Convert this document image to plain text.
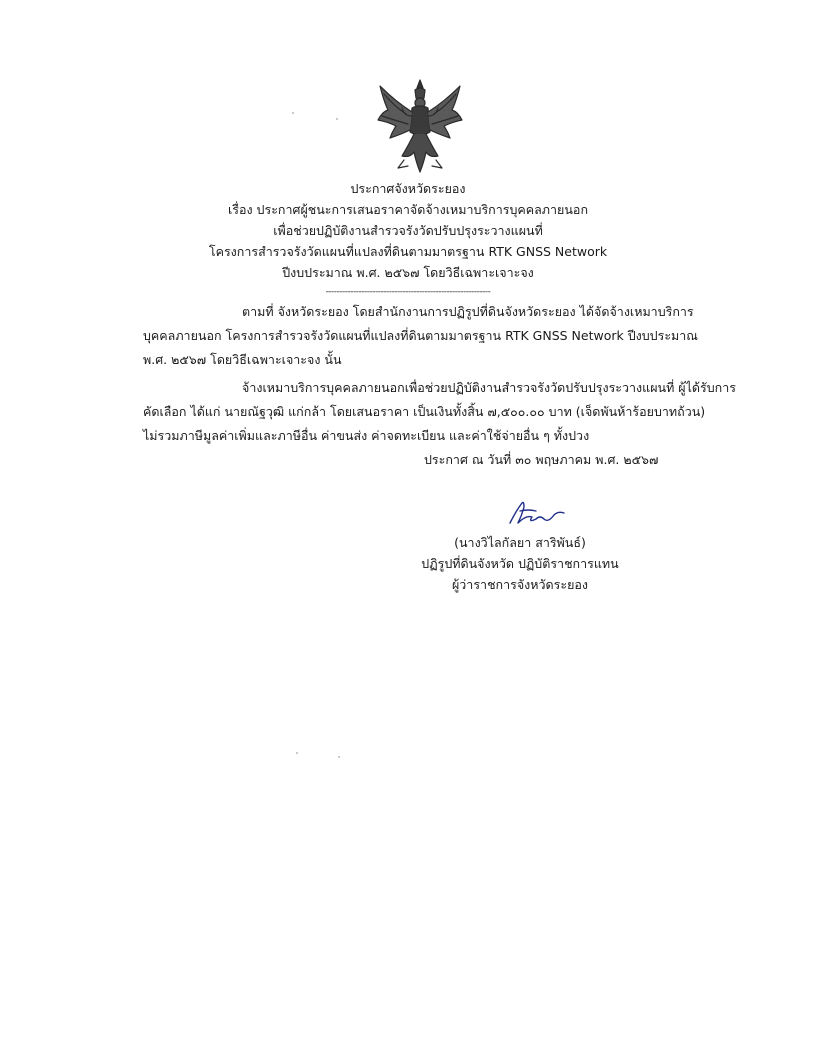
ประกาศจังหวัดระยอง
เรื่อง ประกาศผู้ชนะการเสนอราคาจัดจ้างเหมาบริการบุคคลภายนอก
เพื่อช่วยปฏิบัติงานสำรวจรังวัดปรับปรุงระวางแผนที่
โครงการสำรวจรังวัดแผนที่แปลงที่ดินตามมาตรฐาน RTK GNSS Network
ปีงบประมาณ พ.ศ. ๒๕๖๗ โดยวิธีเฉพาะเจาะจง
------------------------------------------------------------
ตามที่ จังหวัดระยอง โดยสำนักงานการปฏิรูปที่ดินจังหวัดระยอง ได้จัดจ้างเหมาบริการ
บุคคลภายนอก โครงการสำรวจรังวัดแผนที่แปลงที่ดินตามมาตรฐาน RTK GNSS Network ปีงบประมาณ
พ.ศ. ๒๕๖๗ โดยวิธีเฉพาะเจาะจง นั้น
จ้างเหมาบริการบุคคลภายนอกเพื่อช่วยปฏิบัติงานสำรวจรังวัดปรับปรุงระวางแผนที่ ผู้ได้รับการ
คัดเลือก ได้แก่ นายณัฐวุฒิ แก่กล้า โดยเสนอราคา เป็นเงินทั้งสิ้น ๗,๕๐๐.๐๐ บาท (เจ็ดพันห้าร้อยบาทถ้วน)
ไม่รวมภาษีมูลค่าเพิ่มและภาษีอื่น ค่าขนส่ง ค่าจดทะเบียน และค่าใช้จ่ายอื่น ๆ ทั้งปวง
ประกาศ ณ วันที่ ๓๐ พฤษภาคม พ.ศ. ๒๕๖๗
(นางวิไลกัลยา สาริพันธ์)
ปฏิรูปที่ดินจังหวัด ปฏิบัติราชการแทน
ผู้ว่าราชการจังหวัดระยอง
